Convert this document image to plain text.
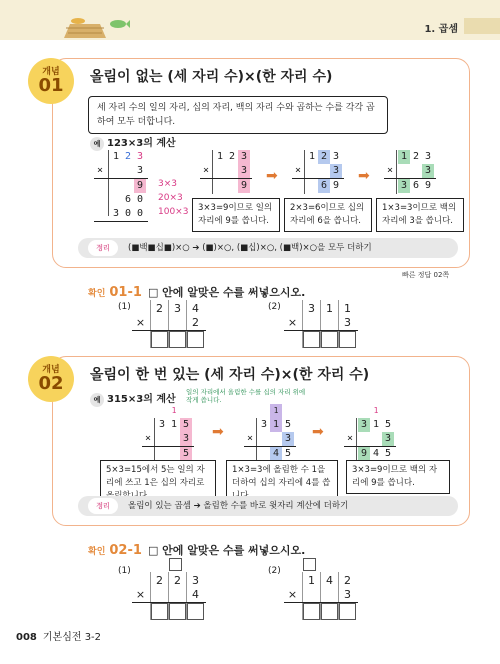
1. 곱셈
개념
01 올림이 없는 (세 자리 수)×(한 자리 수)
세 자리 수의 일의 자리, 십의 자리, 백의 자리 수와 곱하는 수를 각각 곱하여 모두 더합니다.
예 123×3의 계산
1 2 3
×	3
9
6 0
3 0 0
3×3
20×3
100×3
1 2 3
×	3
9
➡
1 2 3
×	3
6 9
➡
1 2 3
×	3
3 6 9
3×3=9이므로 일의 자리에 9를 씁니다.
2×3=6이므로 십의 자리에 6을 씁니다.
1×3=3이므로 백의 자리에 3을 씁니다.
정리	(■백■십■)×○ ➔ (■)×○, (■십)×○, (■백)×○을 모두 더하기
빠른 정답 02쪽
확인 01-1 □ 안에 알맞은 수를 써넣으시오.
(1)	2	3	4
×	2
(2)	3	1	1
×	3
개념
02 올림이 한 번 있는 (세 자리 수)×(한 자리 수)
예 315×3의 계산
일의 자리에서 올림한 수를 십의 자리 위에 작게 씁니다.
1
3 1 5
×	3
5
➡
1
3 1 5
×	3
4 5
➡
1
3 1 5
×	3
9 4 5
5×3=15에서 5는 일의 자리에 쓰고 1은 십의 자리로
1×3=3에 올림한 수 1을 더하여 십의 자리에 4를 씁
3×3=9이므로 백의 자리에 9를 씁니다.
정리	올림이 있는 곱셈 ➔ 올림한 수를 바로 윗자리 계산에 더하기
확인 02-1 □ 안에 알맞은 수를 써넣으시오.
(1)
2	2	3
×	4
(2)
1	4	2
×	3
008 기본심전 3-2
